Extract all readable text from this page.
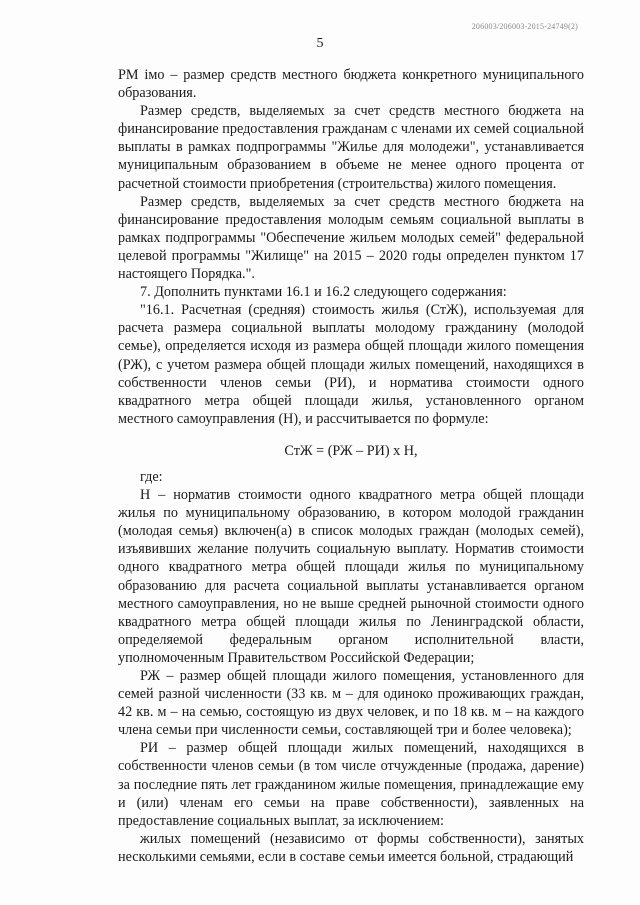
206003/206003-2015-24749(2)
5

РМ імо – размер средств местного бюджета конкретного муниципального образования.

Размер средств, выделяемых за счет средств местного бюджета на финансирование предоставления гражданам с членами их семей социальной выплаты в рамках подпрограммы "Жилье для молодежи", устанавливается муниципальным образованием в объеме не менее одного процента от расчетной стоимости приобретения (строительства) жилого помещения.

Размер средств, выделяемых за счет средств местного бюджета на финансирование предоставления молодым семьям социальной выплаты в рамках подпрограммы "Обеспечение жильем молодых семей" федеральной целевой программы "Жилище" на 2015 – 2020 годы определен пунктом 17 настоящего Порядка.".

7. Дополнить пунктами 16.1 и 16.2 следующего содержания:

"16.1. Расчетная (средняя) стоимость жилья (СтЖ), используемая для расчета размера социальной выплаты молодому гражданину (молодой семье), определяется исходя из размера общей площади жилого помещения (РЖ), с учетом размера общей площади жилых помещений, находящихся в собственности членов семьи (РИ), и норматива стоимости одного квадратного метра общей площади жилья, установленного органом местного самоуправления (Н), и рассчитывается по формуле:

СтЖ = (РЖ – РИ) х Н,

где:

Н – норматив стоимости одного квадратного метра общей площади жилья по муниципальному образованию, в котором молодой гражданин (молодая семья) включен(а) в список молодых граждан (молодых семей), изъявивших желание получить социальную выплату. Норматив стоимости одного квадратного метра общей площади жилья по муниципальному образованию для расчета социальной выплаты устанавливается органом местного самоуправления, но не выше средней рыночной стоимости одного квадратного метра общей площади жилья по Ленинградской области, определяемой федеральным органом исполнительной власти, уполномоченным Правительством Российской Федерации;

РЖ – размер общей площади жилого помещения, установленного для семей разной численности (33 кв. м – для одиноко проживающих граждан, 42 кв. м – на семью, состоящую из двух человек, и по 18 кв. м – на каждого члена семьи при численности семьи, составляющей три и более человека);

РИ – размер общей площади жилых помещений, находящихся в собственности членов семьи (в том числе отчужденные (продажа, дарение) за последние пять лет гражданином жилые помещения, принадлежащие ему и (или) членам его семьи на праве собственности), заявленных на предоставление социальных выплат, за исключением:

жилых помещений (независимо от формы собственности), занятых несколькими семьями, если в составе семьи имеется больной, страдающий
